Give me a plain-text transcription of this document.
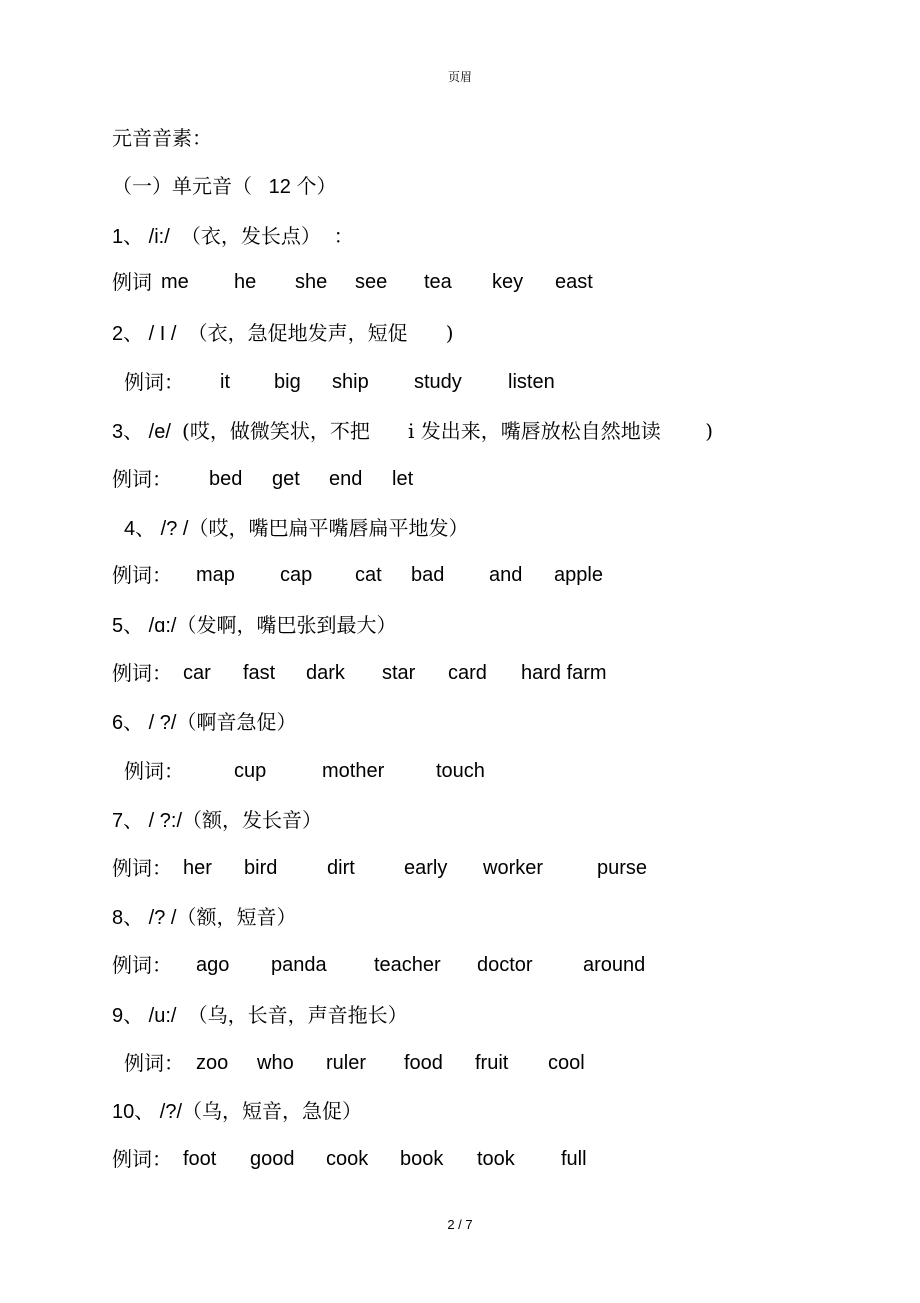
页眉
元音音素：
（一）单元音（ 12 个）
1、 /i:/ （衣，发长点）  ：
例词 me he she see tea key east
2、 / I / （衣，急促地发声，短促      )
例词： it big ship study listen
3、 /e/ (哎，做微笑状，不把      i 发出来，嘴唇放松自然地读       )
例词： bed get end let
4、 /? /（哎，嘴巴扁平嘴唇扁平地发）
例词： map cap cat bad and apple
5、 /ɑ:/（发啊，嘴巴张到最大）
例词： car fast dark star card hard farm
6、 / ?/（啊音急促）
例词：	cup	mother	touch
7、 / ?:/（额，发长音）
例词： her bird dirt early worker	purse
8、 /? /（额，短音）
例词： ago panda teacher doctor	around
9、 /u:/ （乌，长音，声音拖长）
例词： zoo who ruler food fruit cool
10、 /?/（乌，短音，急促）
例词： foot good cook book took full
2 / 7
